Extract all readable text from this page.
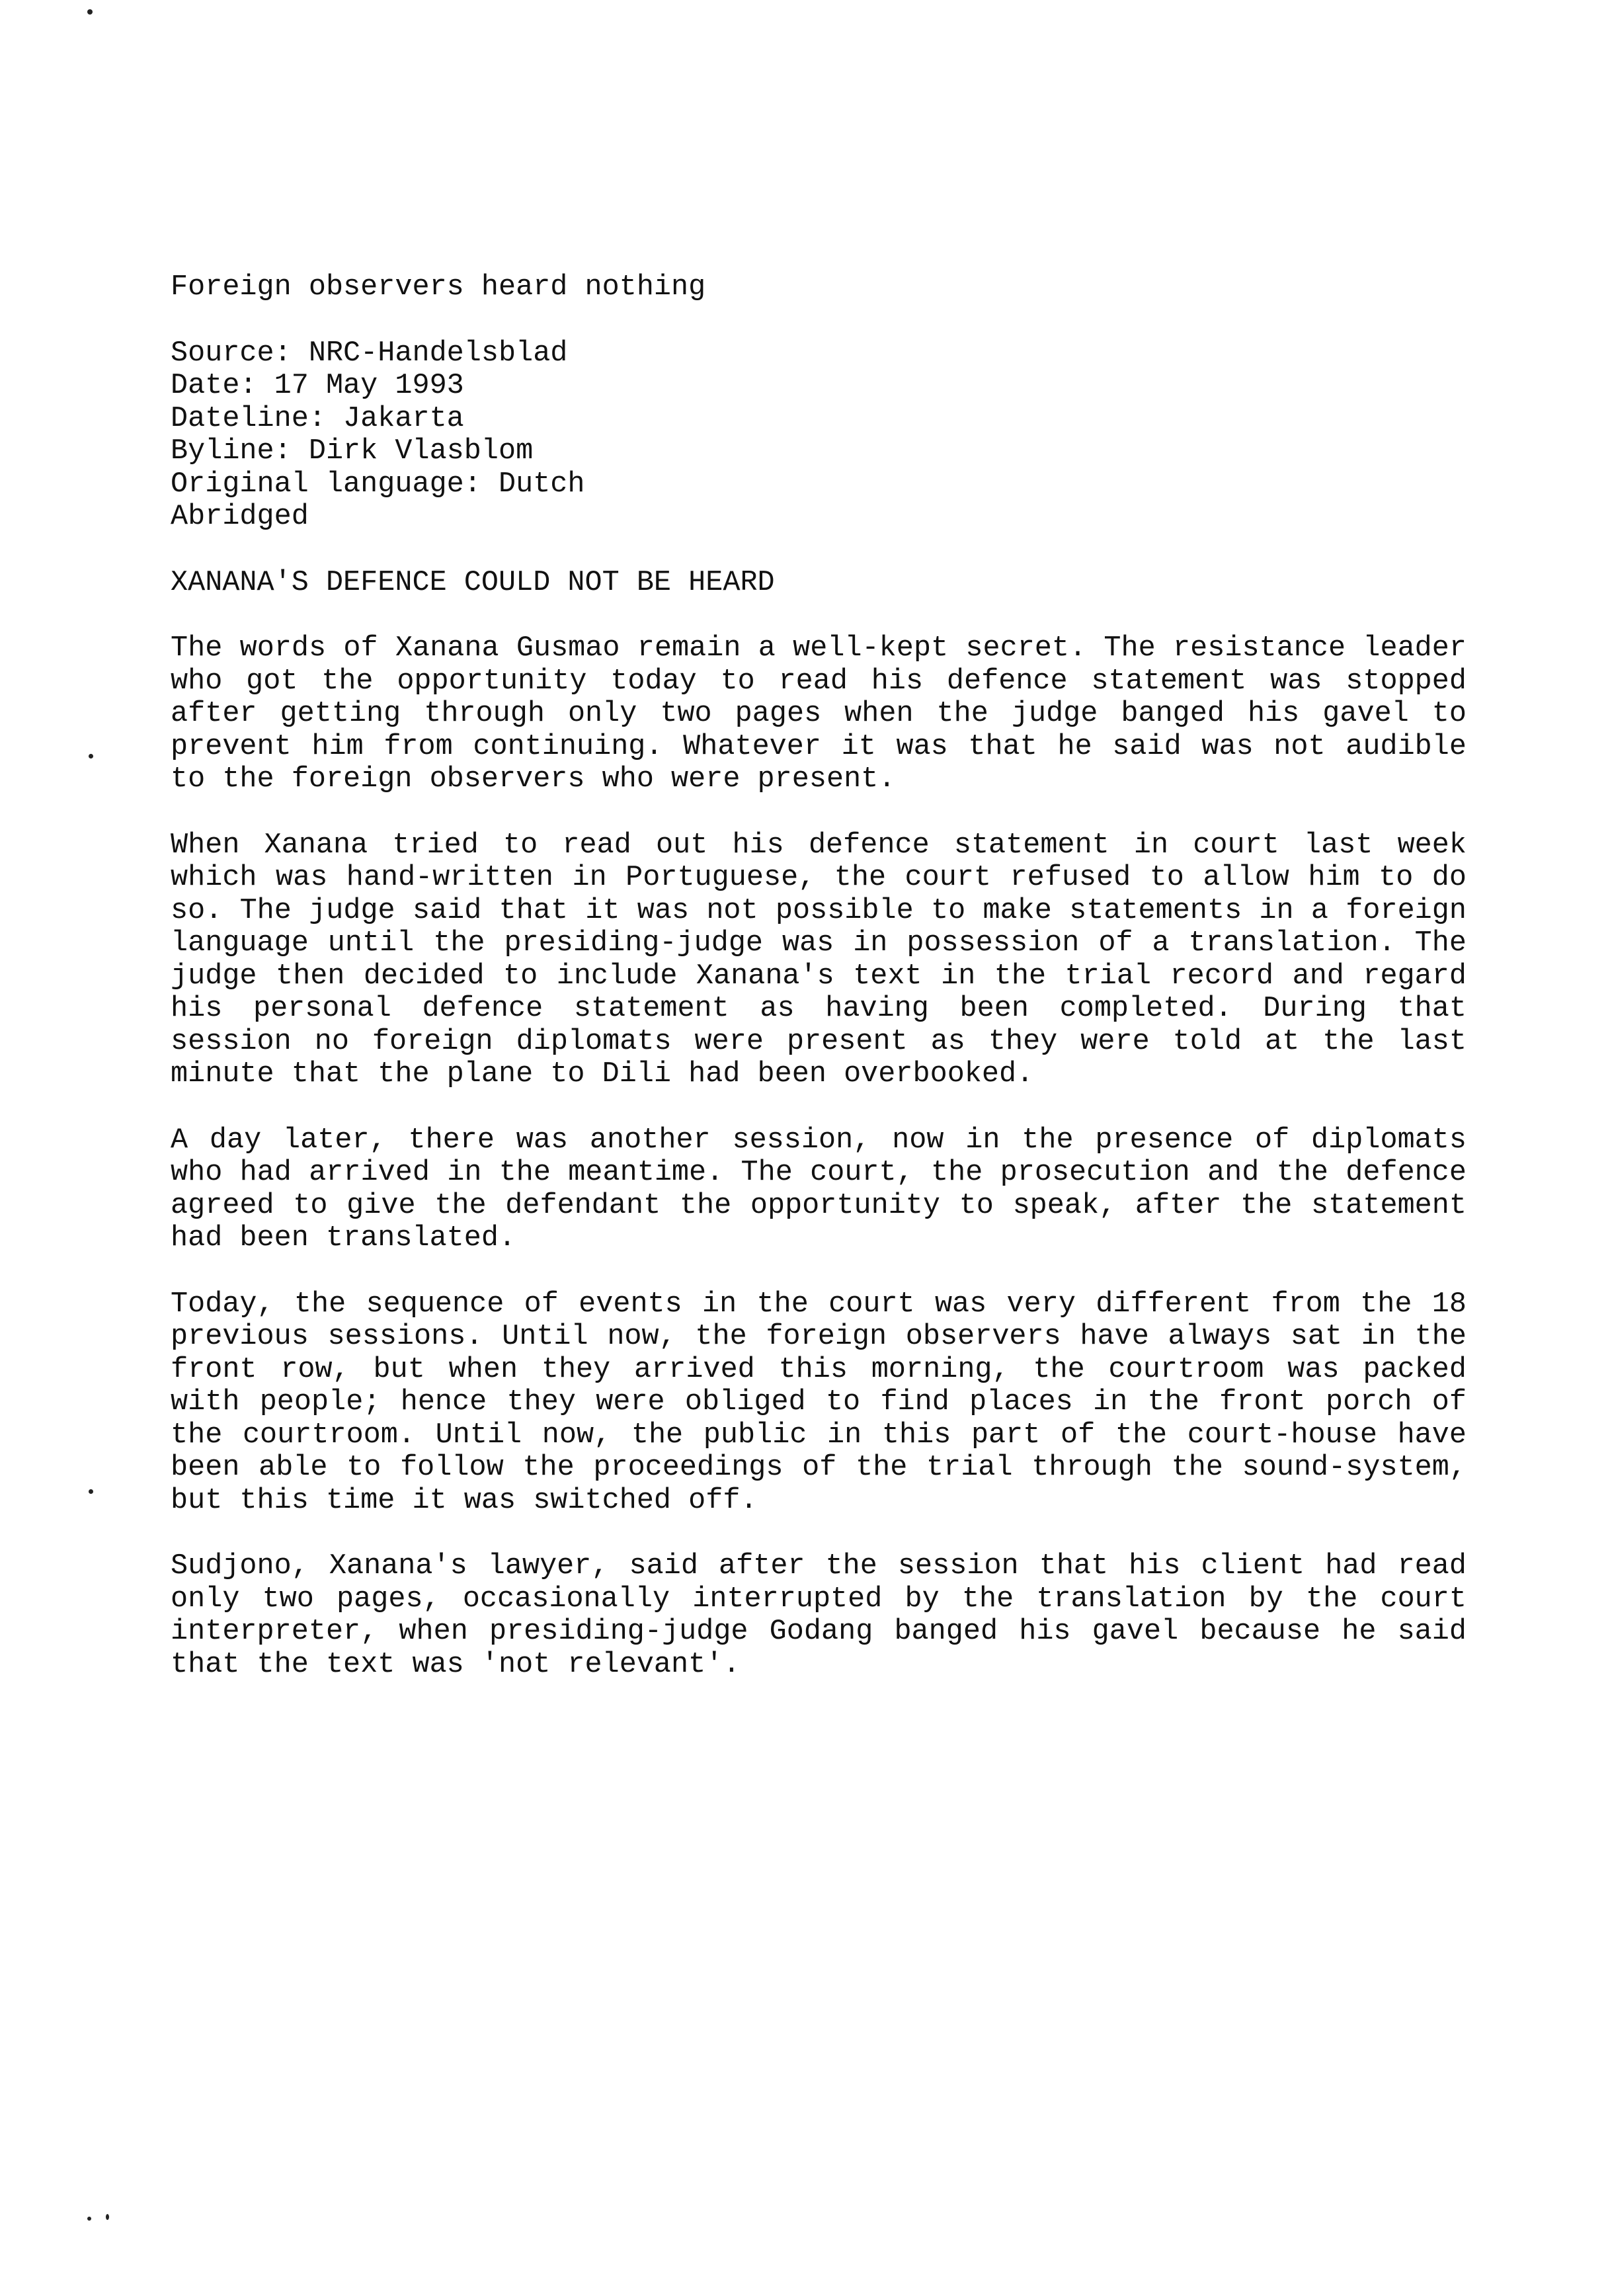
Foreign observers heard nothing
Source: NRC-Handelsblad
Date: 17 May 1993
Dateline: Jakarta
Byline: Dirk Vlasblom
Original language: Dutch
Abridged
XANANA'S DEFENCE COULD NOT BE HEARD

The words of Xanana Gusmao remain a well-kept secret. The resistance leader who got the opportunity today to read his defence statement was stopped after getting through only two pages when the judge banged his gavel to prevent him from continuing. Whatever it was that he said was not audible to the foreign observers who were present.

When Xanana tried to read out his defence statement in court last week which was hand-written in Portuguese, the court refused to allow him to do so. The judge said that it was not possible to make statements in a foreign language until the presiding-judge was in possession of a translation. The judge then decided to include Xanana's text in the trial record and regard his personal defence statement as having been completed. During that session no foreign diplomats were present as they were told at the last minute that the plane to Dili had been overbooked.

A day later, there was another session, now in the presence of diplomats who had arrived in the meantime. The court, the prosecution and the defence agreed to give the defendant the opportunity to speak, after the statement had been translated.

Today, the sequence of events in the court was very different from the 18 previous sessions. Until now, the foreign observers have always sat in the front row, but when they arrived this morning, the courtroom was packed with people; hence they were obliged to find places in the front porch of the courtroom. Until now, the public in this part of the court-house have been able to follow the proceedings of the trial through the sound-system, but this time it was switched off.

Sudjono, Xanana's lawyer, said after the session that his client had read only two pages, occasionally interrupted by the translation by the court interpreter, when presiding-judge Godang banged his gavel because he said that the text was 'not relevant'.
